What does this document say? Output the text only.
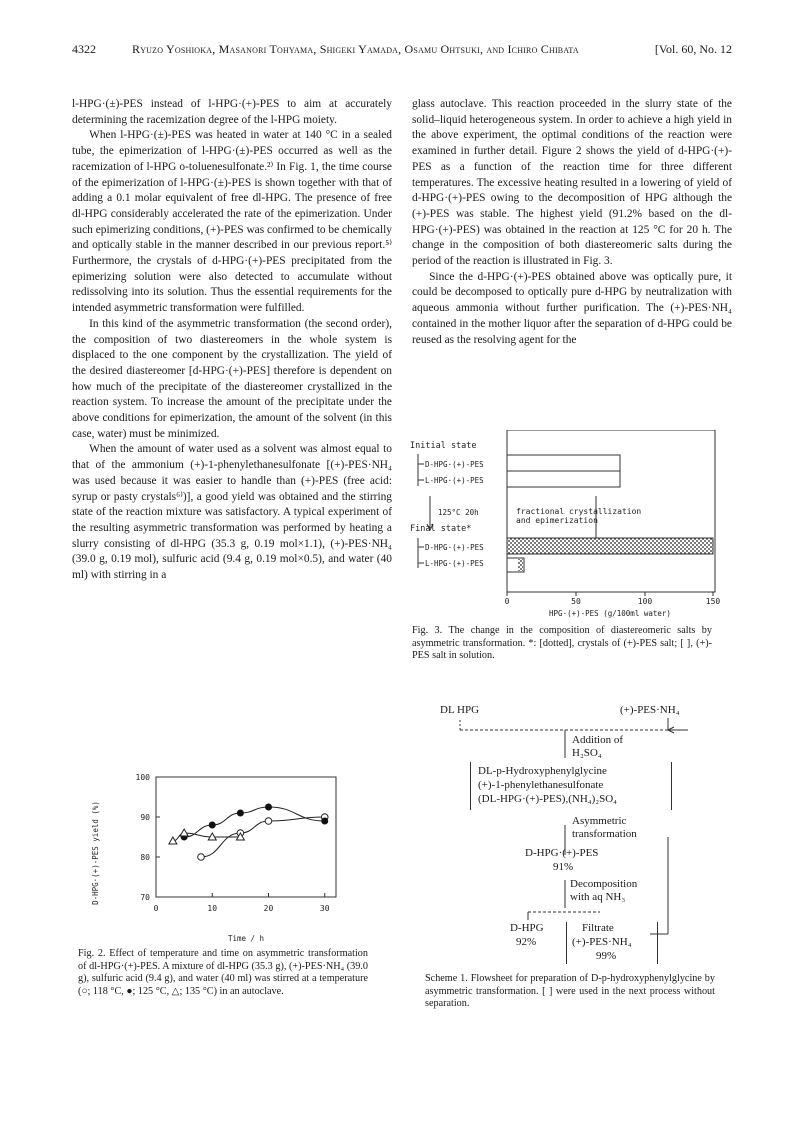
4322	Ryuzo Yoshioka, Masanori Tohyama, Shigeki Yamada, Osamu Ohtsuki, and Ichiro Chibata	[Vol. 60, No. 12

l-HPG·(±)-PES instead of l-HPG·(+)-PES to aim at accurately determining the racemization degree of the l-HPG moiety.

When l-HPG·(±)-PES was heated in water at 140 °C in a sealed tube, the epimerization of l-HPG·(±)-PES occurred as well as the racemization of l-HPG o-toluenesulfonate.²⁾ In Fig. 1, the time course of the epimerization of l-HPG·(±)-PES is shown together with that of adding a 0.1 molar equivalent of free dl-HPG. The presence of free dl-HPG considerably accelerated the rate of the epimerization. Under such epimerizing conditions, (+)-PES was confirmed to be chemically and optically stable in the manner described in our previous report.⁵⁾ Furthermore, the crystals of d-HPG·(+)-PES precipitated from the epimerizing solution were also detected to accumulate without redissolving into its solution. Thus the essential requirements for the intended asymmetric transformation were fulfilled.

In this kind of the asymmetric transformation (the second order), the composition of two diastereomers in the whole system is displaced to the one component by the crystallization. The yield of the desired diastereomer [d-HPG·(+)-PES] therefore is dependent on how much of the precipitate of the diastereomer crystallized in the reaction system. To increase the amount of the precipitate under the above conditions for epimerization, the amount of the solvent (in this case, water) must be minimized.

When the amount of water used as a solvent was almost equal to that of the ammonium (+)-1-phenylethanesulfonate [(+)-PES·NH₄ was used because it was easier to handle than (+)-PES (free acid: syrup or pasty crystals⁶⁾)], a good yield was obtained and the stirring state of the reaction mixture was satisfactory. A typical experiment of the resulting asymmetric transformation was performed by heating a slurry consisting of dl-HPG (35.3 g, 0.19 mol×1.1), (+)-PES·NH₄ (39.0 g, 0.19 mol), sulfuric acid (9.4 g, 0.19 mol×0.5), and water (40 ml) with stirring in a

glass autoclave. This reaction proceeded in the slurry state of the solid–liquid heterogeneous system. In order to achieve a high yield in the above experiment, the optimal conditions of the reaction were examined in further detail. Figure 2 shows the yield of d-HPG·(+)-PES as a function of the reaction time for three different temperatures. The excessive heating resulted in a lowering of yield of d-HPG·(+)-PES owing to the decomposition of HPG although the (+)-PES was stable. The highest yield (91.2% based on the dl-HPG·(+)-PES) was obtained in the reaction at 125 °C for 20 h. The change in the composition of both diastereomeric salts during the period of the reaction is illustrated in Fig. 3.

Since the d-HPG·(+)-PES obtained above was optically pure, it could be decomposed to optically pure d-HPG by neutralization with aqueous ammonia without further purification. The (+)-PES·NH₄ contained in the mother liquor after the separation of d-HPG could be reused as the resolving agent for the

Initial state
D-HPG·(+)-PES
L-HPG·(+)-PES
125°C 20h	fractional crystallization
and epimerization
Final state*
D-HPG·(+)-PES
L-HPG·(+)-PES
0	50	100	150
HPG·(+)-PES (g/100ml water)
Fig. 3. The change in the composition of diastereomeric salts by asymmetric transformation. *: [dotted], crystals of (+)-PES salt; [ ], (+)-PES salt in solution.
D-HPG·(+)-PES yield (%)
Time / h
0	10	20	30
70
80
90
100
Fig. 2. Effect of temperature and time on asymmetric transformation of dl-HPG·(+)-PES. A mixture of dl-HPG (35.3 g), (+)-PES·NH₄ (39.0 g), sulfuric acid (9.4 g), and water (40 ml) was stirred at a temperature (○; 118 °C, ●; 125 °C, △; 135 °C) in an autoclave.
DL HPG	(+)-PES·NH₄
Addition of
H₂SO₄
DL-p-Hydroxyphenylglycine
(+)-1-phenylethanesulfonate
(DL-HPG·(+)-PES),(NH₄)₂SO₄
Asymmetric
transformation
D-HPG·(+)-PES
91%
Decomposition
with aq NH₃
D-HPG
92%
Filtrate
(+)-PES·NH₄
99%
Scheme 1. Flowsheet for preparation of D-p-hydroxyphenylglycine by asymmetric transformation. [ ] were used in the next process without separation.
